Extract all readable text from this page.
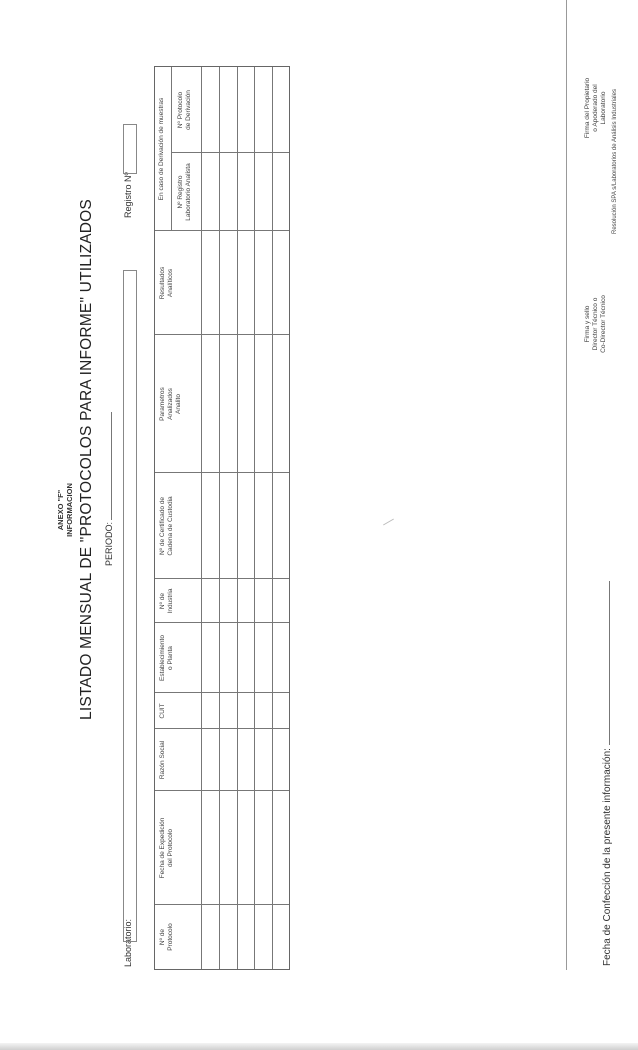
Resolución SPA s/Laboratorios de Análisis Industriales
ANEXO "F" INFORMACION LISTADO MENSUAL DE "PROTOCOLOS PARA INFORME" UTILIZADOS PERIODO:
Laboratorio:
Registro Nº
Nº de Protocolo
Fecha de Expedición del Protocolo
Razón Social
CUIT
Establecimiento o Planta
Nº de Industria
Nº de Certificado de Cadena de Custodia
Parametros Analizados Analito
Resultados Analíticos
En caso de Derivación de muestras Nº Registro Laboratorio Analista
Nº Protocolo de Derivación
Fecha de Confección de la presente información:
Firma y sello Director Técnico o Co-Director Técnico
Firma del Propietario o Apoderado del Laboratorio
